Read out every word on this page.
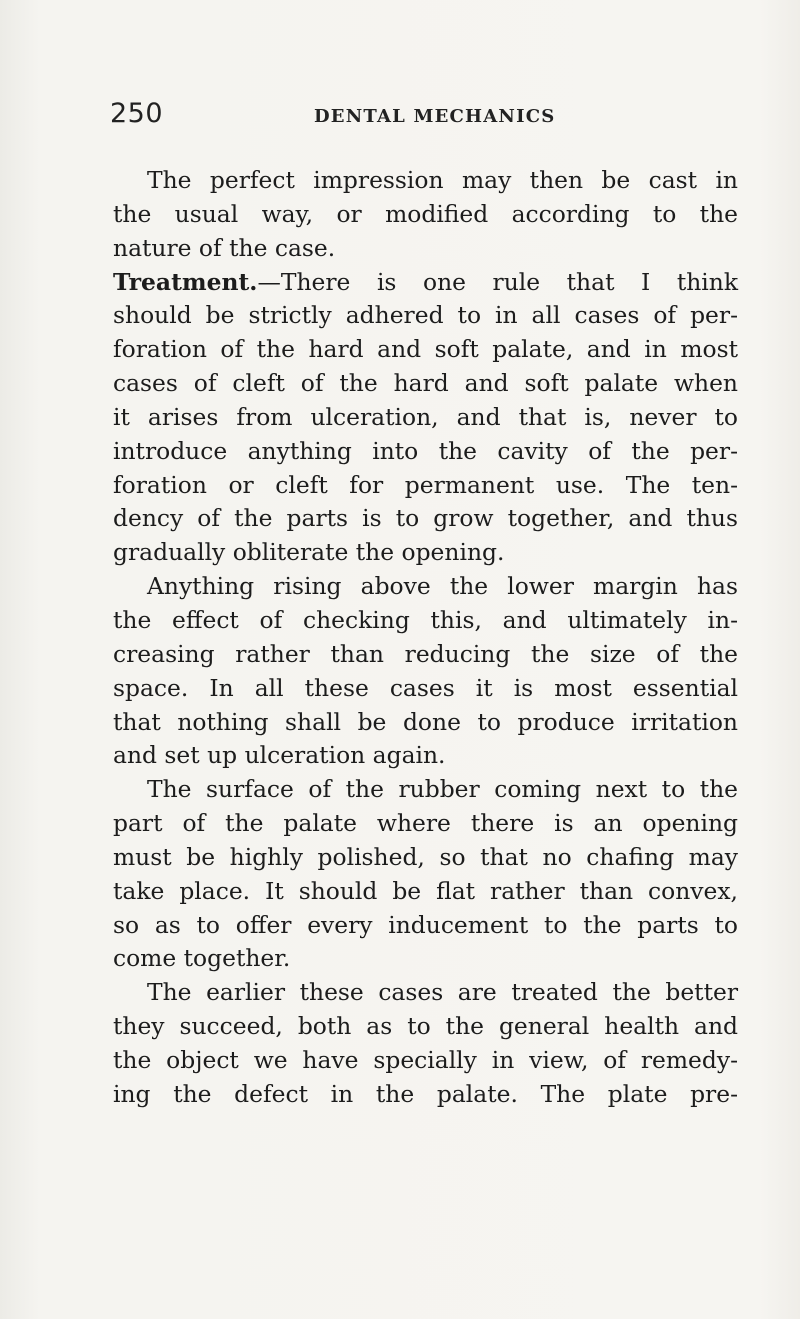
250	DENTAL MECHANICS
The perfect impression may then be cast in
the usual way, or modified according to the
nature of the case.
Treatment.—There is one rule that I think
should be strictly adhered to in all cases of per-
foration of the hard and soft palate, and in most
cases of cleft of the hard and soft palate when
it arises from ulceration, and that is, never to
introduce anything into the cavity of the per-
foration or cleft for permanent use. The ten-
dency of the parts is to grow together, and thus
gradually obliterate the opening.
Anything rising above the lower margin has
the effect of checking this, and ultimately in-
creasing rather than reducing the size of the
space. In all these cases it is most essential
that nothing shall be done to produce irritation
and set up ulceration again.
The surface of the rubber coming next to the
part of the palate where there is an opening
must be highly polished, so that no chafing may
take place. It should be flat rather than convex,
so as to offer every inducement to the parts to
come together.
The earlier these cases are treated the better
they succeed, both as to the general health and
the object we have specially in view, of remedy-
ing the defect in the palate. The plate pre-
